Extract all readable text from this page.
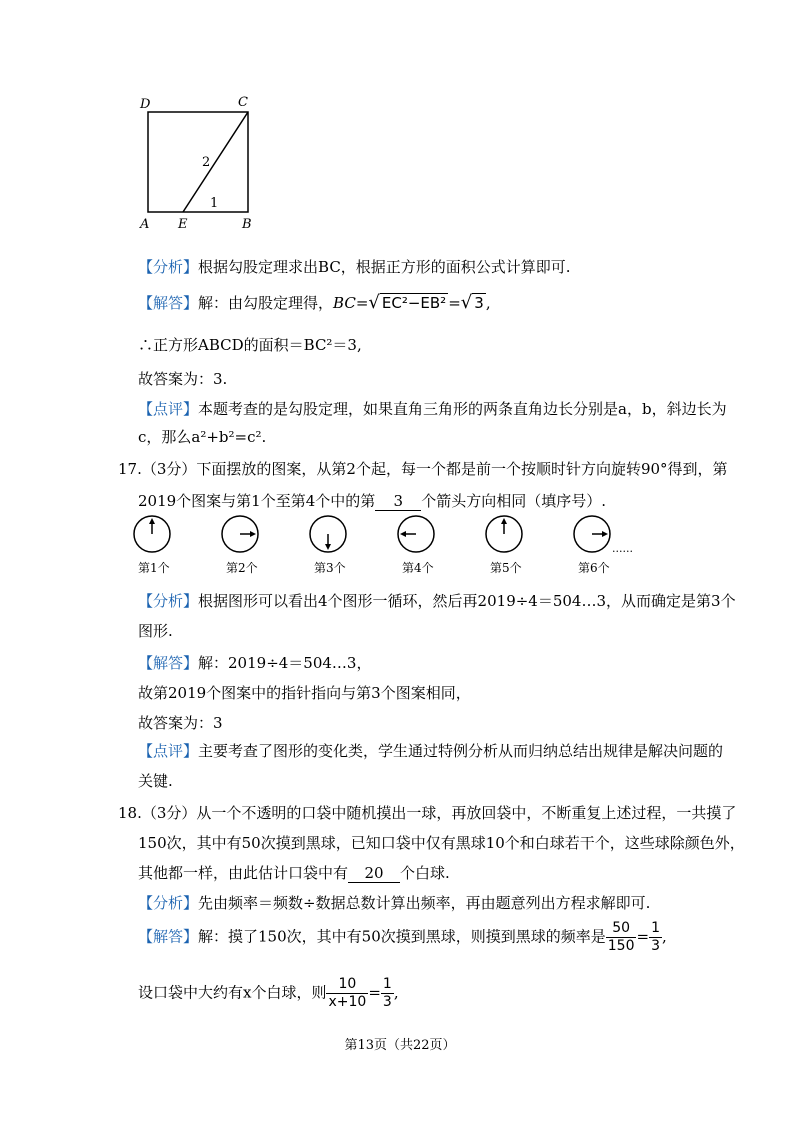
D	C
A E	B
2
1
【分析】根据勾股定理求出BC，根据正方形的面积公式计算即可.
【解答】解：由勾股定理得，BC=√ EC²−EB² =√ 3 ,
∴正方形ABCD的面积＝BC²＝3,
故答案为：3.
【点评】本题考查的是勾股定理，如果直角三角形的两条直角边长分别是a，b，斜边长为
c，那么a²+b²=c².
17.（3分）下面摆放的图案，从第2个起，每一个都是前一个按顺时针方向旋转90°得到，第
2019个图案与第1个至第4个中的第 3 个箭头方向相同（填序号）.
第1个	第2个	第3个	第4个	第5个	第6个
......
【分析】根据图形可以看出4个图形一循环，然后再2019÷4＝504…3，从而确定是第3个
图形.
【解答】解：2019÷4＝504…3，
故第2019个图案中的指针指向与第3个图案相同，
故答案为：3
【点评】主要考查了图形的变化类，学生通过特例分析从而归纳总结出规律是解决问题的
关键.
18.（3分）从一个不透明的口袋中随机摸出一球，再放回袋中，不断重复上述过程，一共摸了
150次，其中有50次摸到黑球，已知口袋中仅有黑球10个和白球若干个，这些球除颜色外，
其他都一样，由此估计口袋中有 20 个白球.
【分析】先由频率＝频数÷数据总数计算出频率，再由题意列出方程求解即可.
【解答】解：摸了150次，其中有50次摸到黑球，则摸到黑球的频率是 $\frac{50}{150} = \frac{1}{3}$ ,
设口袋中大约有x个白球，则 $\frac{10}{x+10} = \frac{1}{3}$ ,
第13页（共22页）
